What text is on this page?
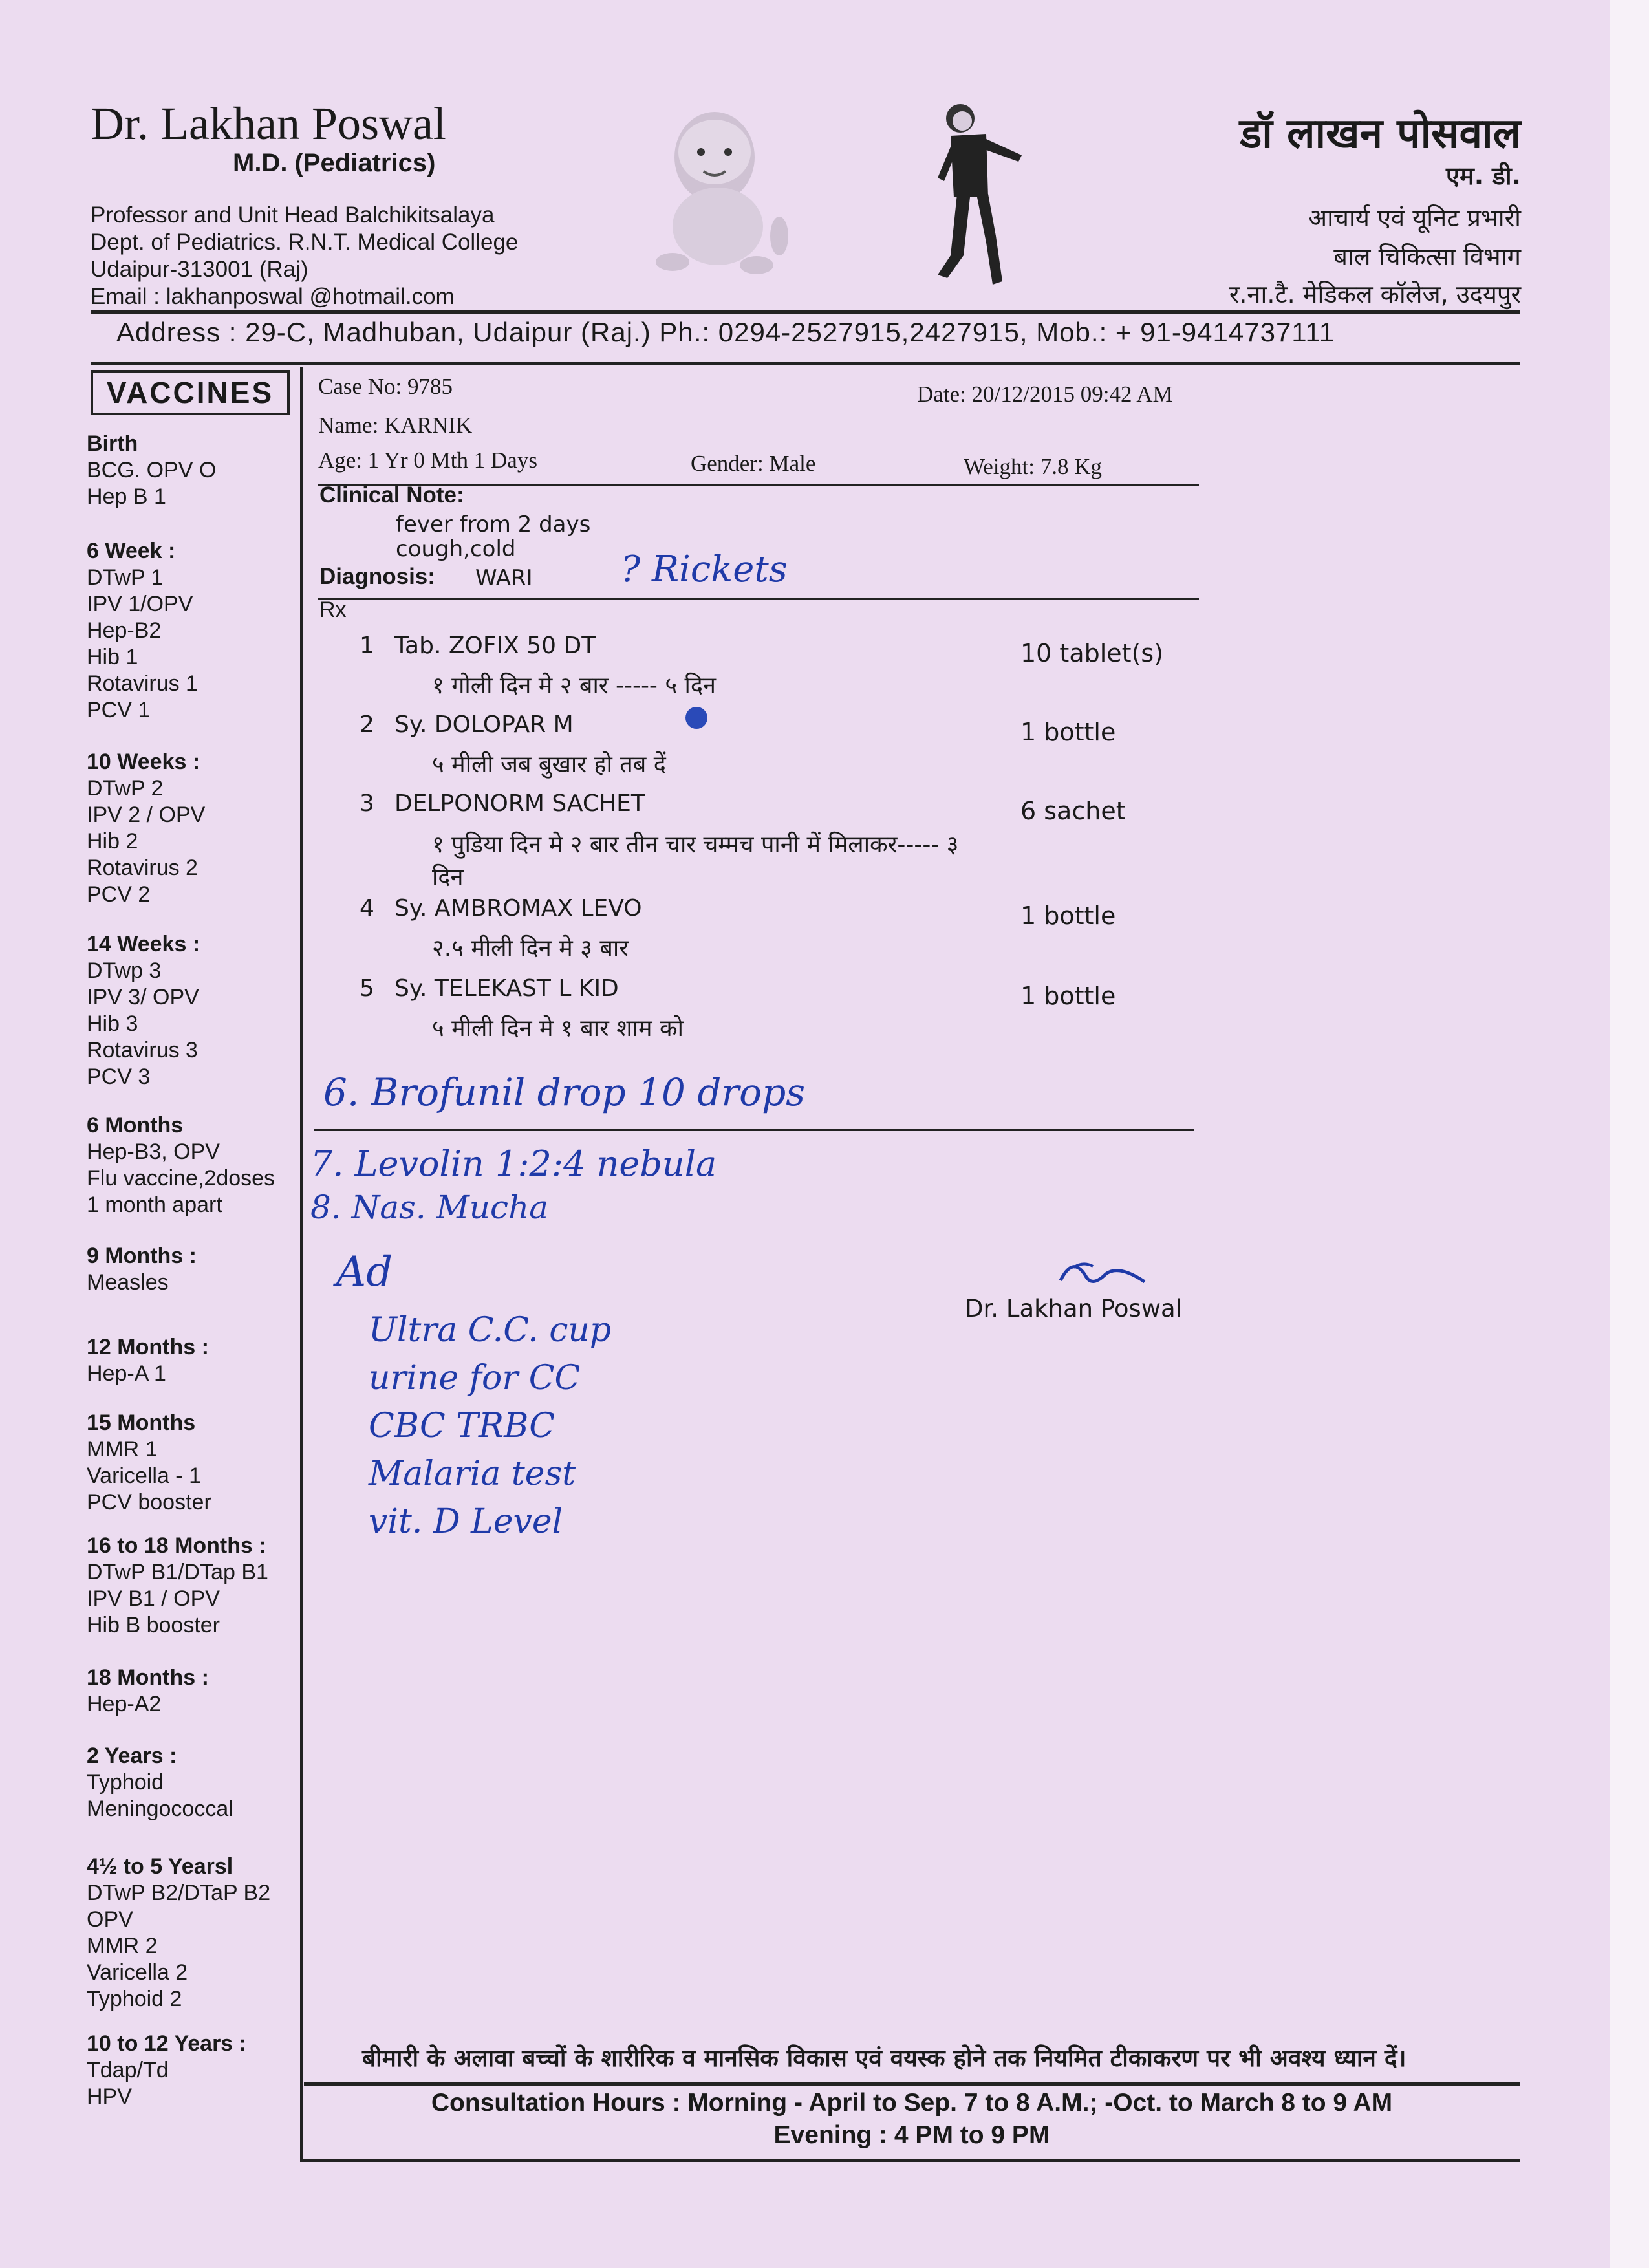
Dr. Lakhan Poswal
M.D. (Pediatrics)
Professor and Unit Head Balchikitsalaya
Dept. of Pediatrics. R.N.T. Medical College
Udaipur-313001 (Raj)
Email : lakhanposwal @hotmail.com
डॉ लाखन पोसवाल
एम. डी.
आचार्य एवं यूनिट प्रभारी
बाल चिकित्सा विभाग
र.ना.टै. मेडिकल कॉलेज, उदयपुर
Address : 29-C, Madhuban, Udaipur (Raj.) Ph.: 0294-2527915,2427915, Mob.: + 91-9414737111
VACCINES
Birth
BCG. OPV O
Hep B 1
6 Week :
DTwP 1
IPV 1/OPV
Hep-B2
Hib 1
Rotavirus 1
PCV 1
10 Weeks :
DTwP 2
IPV 2 / OPV
Hib 2
Rotavirus 2
PCV 2
14 Weeks :
DTwp 3
IPV 3/ OPV
Hib 3
Rotavirus 3
PCV 3
6 Months
Hep-B3, OPV
Flu vaccine,2doses
1 month apart
9 Months :
Measles
12 Months :
Hep-A 1
15 Months
MMR 1
Varicella - 1
PCV booster
16 to 18 Months :
DTwP B1/DTap B1
IPV B1 / OPV
Hib B booster
18 Months :
Hep-A2
2 Years :
Typhoid
Meningococcal
4½ to 5 Yearsl
DTwP B2/DTaP B2
OPV
MMR 2
Varicella 2
Typhoid 2
10 to 12 Years :
Tdap/Td
HPV
Case No: 9785	Date: 20/12/2015 09:42 AM
Name: KARNIK
Age: 1 Yr 0 Mth 1 Days	Gender: Male	Weight: 7.8 Kg
Clinical Note:
fever from 2 days
cough,cold
Diagnosis: WARI ? Rickets
Rx
1 Tab. ZOFIX 50 DT	10 tablet(s)
१ गोली दिन मे २ बार ----- ५ दिन
2 Sy. DOLOPAR M	1 bottle
५ मीली जब बुखार हो तब दें
3 DELPONORM SACHET	6 sachet
१ पुडिया दिन मे २ बार तीन चार चम्मच पानी में मिलाकर----- ३
दिन
4 Sy. AMBROMAX LEVO	1 bottle
२.५ मीली दिन मे ३ बार
5 Sy. TELEKAST L KID	1 bottle
५ मीली दिन मे १ बार शाम को
6. Brofunil drop 10 drops
7. Levolin 1:2:4 nebula
8. Nas. Mucha
Ad
Ultra C.C. cup
urine for CC
CBC TRBC
Malaria test
vit. D Level
Dr. Lakhan Poswal
बीमारी के अलावा बच्चों के शारीरिक व मानसिक विकास एवं वयस्क होने तक नियमित टीकाकरण पर भी अवश्य ध्यान दें।
Consultation Hours : Morning - April to Sep. 7 to 8 A.M.; -Oct. to March 8 to 9 AM
Evening : 4 PM to 9 PM
